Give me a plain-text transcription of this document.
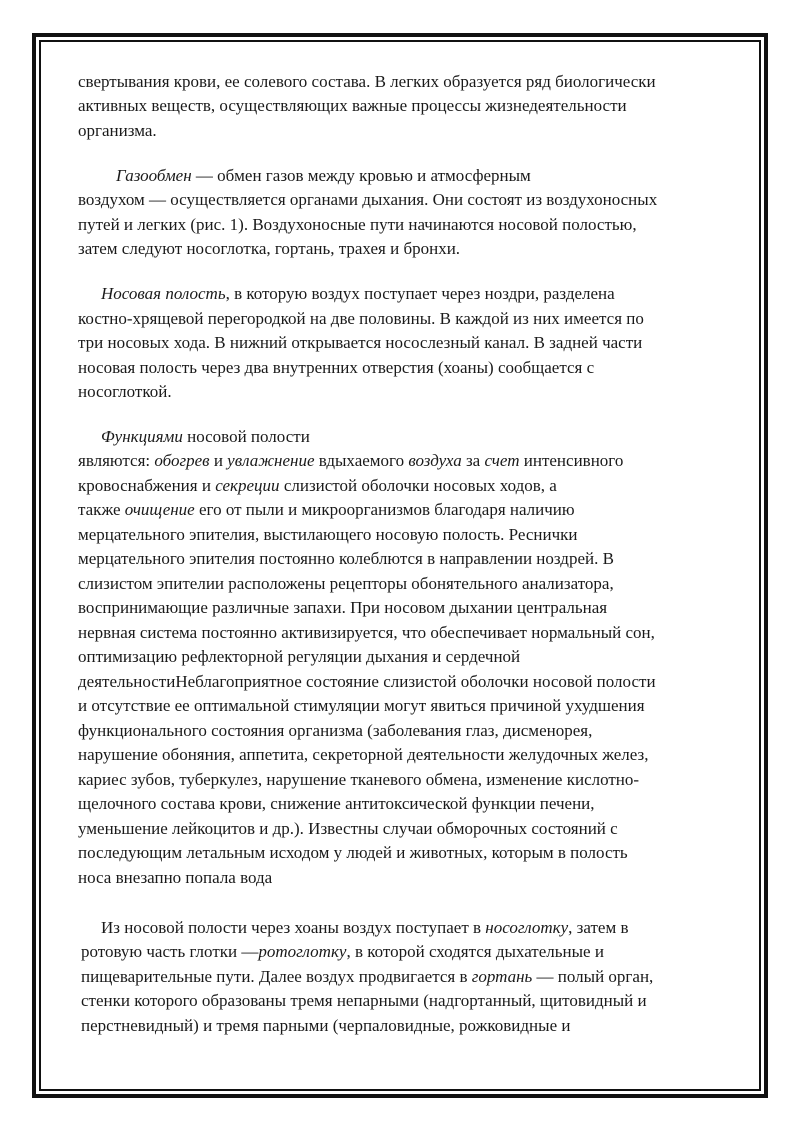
свертывания крови, ее солевого состава. В легких образуется ряд биологически
активных веществ, осуществляющих важные процессы жизнедеятельности
организма.
Газообмен — обмен газов между кровью и атмосферным
воздухом — осуществляется органами дыхания. Они состоят из воздухоносных
путей и легких (рис. 1). Воздухоносные пути начинаются носовой полостью,
затем следуют носоглотка, гортань, трахея и бронхи.
Носовая полость, в которую воздух поступает через ноздри, разделена
костно-хрящевой перегородкой на две половины. В каждой из них имеется по
три носовых хода. В нижний открывается носослезный канал. В задней части
носовая полость через два внутренних отверстия (хоаны) сообщается с
носоглоткой.
Функциями носовой полости
являются: обогрев и увлажнение вдыхаемого воздуха за счет интенсивного
кровоснабжения и секреции слизистой оболочки носовых ходов, а
также очищение его от пыли и микроорганизмов благодаря наличию
мерцательного эпителия, выстилающего носовую полость. Реснички
мерцательного эпителия постоянно колеблются в направлении ноздрей. В
слизистом эпителии расположены рецепторы обонятельного анализатора,
воспринимающие различные запахи. При носовом дыхании центральная
нервная система постоянно активизируется, что обеспечивает нормальный сон,
оптимизацию рефлекторной регуляции дыхания и сердечной
деятельностиНеблагоприятное состояние слизистой оболочки носовой полости
и отсутствие ее оптимальной стимуляции могут явиться причиной ухудшения
функционального состояния организма (заболевания глаз, дисменорея,
нарушение обоняния, аппетита, секреторной деятельности желудочных желез,
кариес зубов, туберкулез, нарушение тканевого обмена, изменение кислотно-
щелочного состава крови, снижение антитоксической функции печени,
уменьшение лейкоцитов и др.). Известны случаи обморочных состояний с
последующим летальным исходом у людей и животных, которым в полость
носа внезапно попала вода
Из носовой полости через хоаны воздух поступает в носоглотку, затем в
ротовую часть глотки —ротоглотку, в которой сходятся дыхательные и
пищеварительные пути. Далее воздух продвигается в гортань — полый орган,
стенки которого образованы тремя непарными (надгортанный, щитовидный и
перстневидный) и тремя парными (черпаловидные, рожковидные и
